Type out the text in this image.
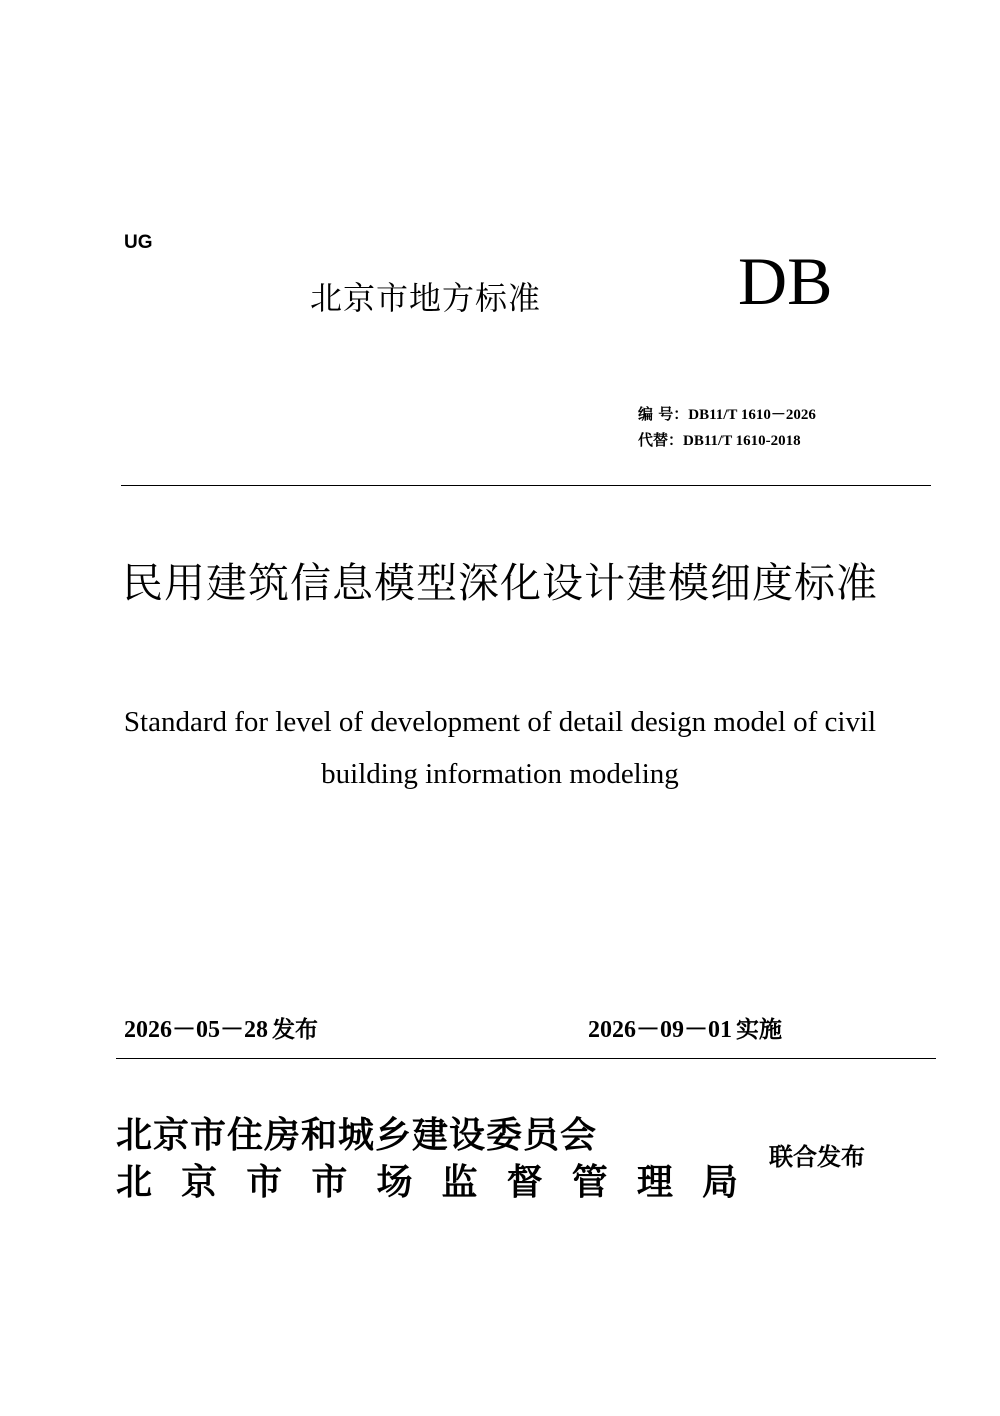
UG
北京市地方标准	DB
编 号：DB11/T 1610－2026
代替：DB11/T 1610-2018
民用建筑信息模型深化设计建模细度标准
Standard for level of development of detail design model of civil building information modeling
2026－05－28 发布	2026－09－01 实施
北京市住房和城乡建设委员会
北 京 市 市 场 监 督 管 理 局
联合发布
